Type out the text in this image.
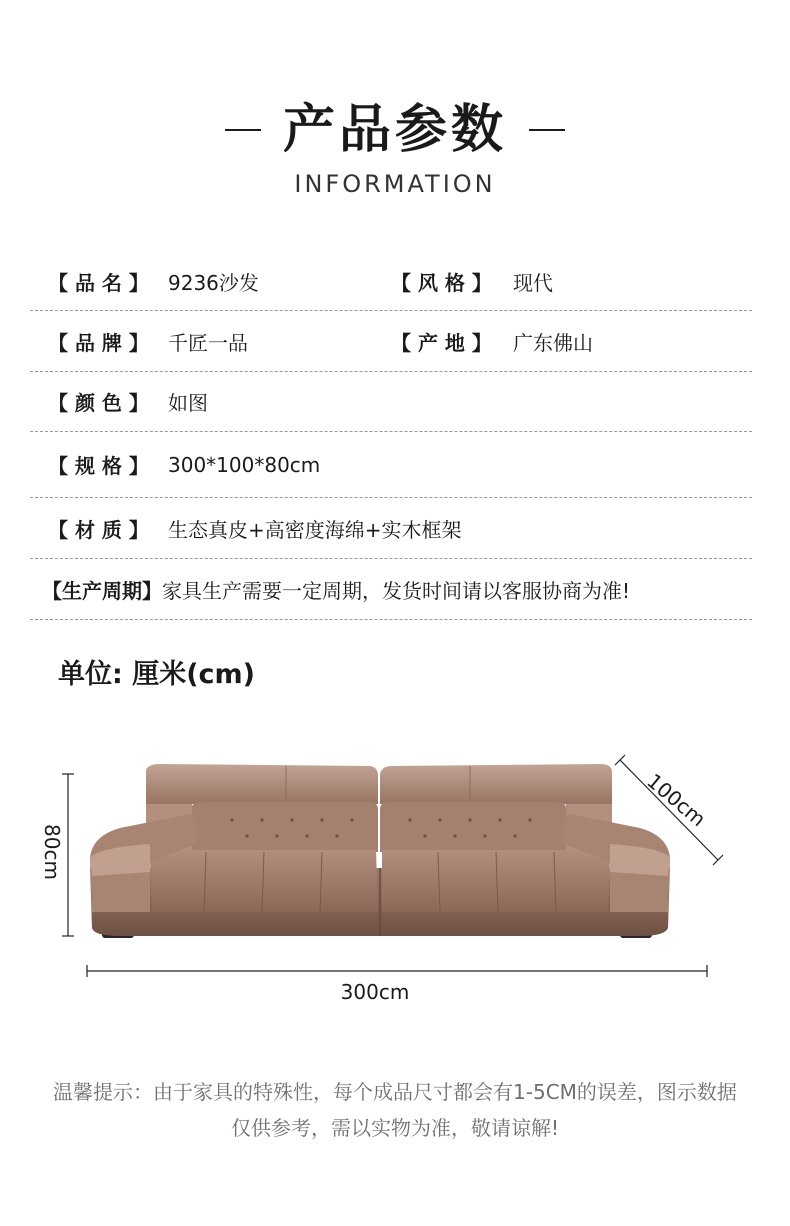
产品参数
INFORMATION
【 品 名 】 9236沙发	【 风 格 】	现代
【 品 牌 】 千匠一品	【 产 地 】	广东佛山
【 颜 色 】 如图
【 规 格 】 300*100*80cm
【 材 质 】 生态真皮+高密度海绵+实木框架
【生产周期】 家具生产需要一定周期，发货时间请以客服协商为准!
单位: 厘米(cm)
80cm
100cm
300cm
温馨提示：由于家具的特殊性，每个成品尺寸都会有1-5CM的误差，图示数据
仅供参考，需以实物为准，敬请谅解!
